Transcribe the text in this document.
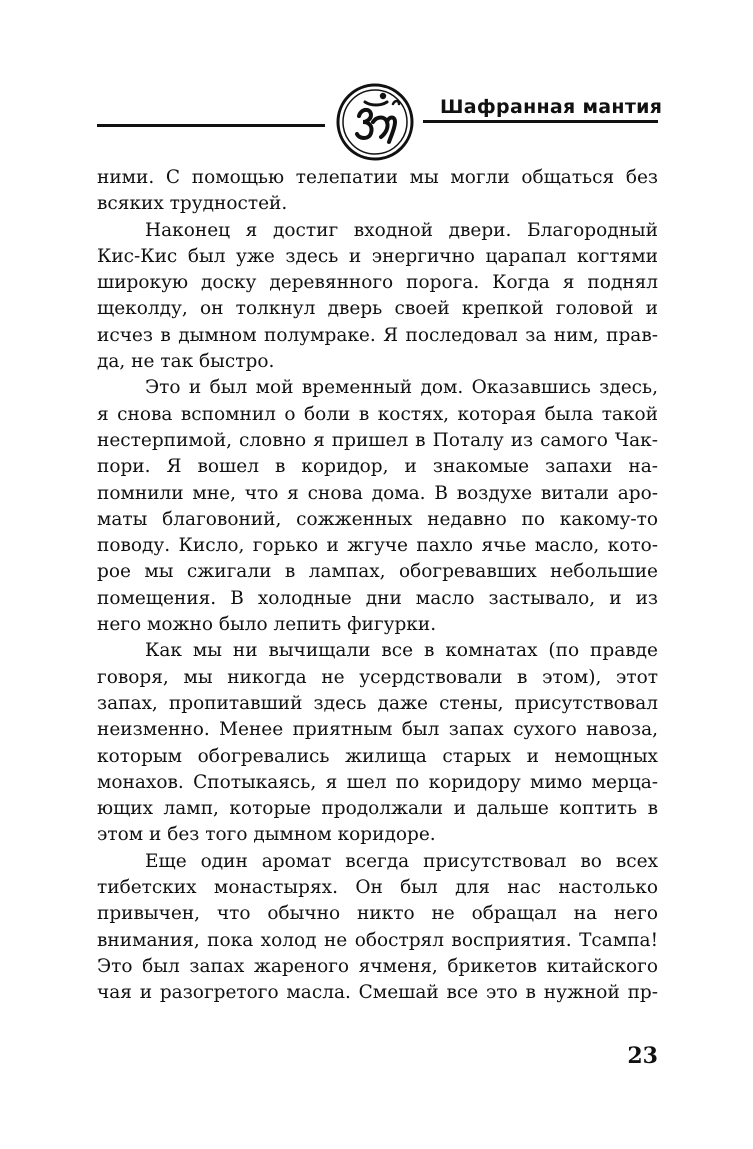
Шафранная мантия
ними. С помощью телепатии мы могли общаться без
всяких трудностей.
Наконец я достиг входной двери. Благородный
Кис-Кис был уже здесь и энергично царапал когтями
широкую доску деревянного порога. Когда я поднял
щеколду, он толкнул дверь своей крепкой головой и
исчез в дымном полумраке. Я последовал за ним, прав-
да, не так быстро.
Это и был мой временный дом. Оказавшись здесь,
я снова вспомнил о боли в костях, которая была такой
нестерпимой, словно я пришел в Поталу из самого Чак-
пори. Я вошел в коридор, и знакомые запахи на-
помнили мне, что я снова дома. В воздухе витали аро-
маты благовоний, сожженных недавно по какому-то
поводу. Кисло, горько и жгуче пахло ячье масло, кото-
рое мы сжигали в лампах, обогревавших небольшие
помещения. В холодные дни масло застывало, и из
него можно было лепить фигурки.
Как мы ни вычищали все в комнатах (по правде
говоря, мы никогда не усердствовали в этом), этот
запах, пропитавший здесь даже стены, присутствовал
неизменно. Менее приятным был запах сухого навоза,
которым обогревались жилища старых и немощных
монахов. Спотыкаясь, я шел по коридору мимо мерца-
ющих ламп, которые продолжали и дальше коптить в
этом и без того дымном коридоре.
Еще один аромат всегда присутствовал во всех
тибетских монастырях. Он был для нас настолько
привычен, что обычно никто не обращал на него
внимания, пока холод не обострял восприятия. Тсампа!
Это был запах жареного ячменя, брикетов китайского
чая и разогретого масла. Смешай все это в нужной пр-
23
